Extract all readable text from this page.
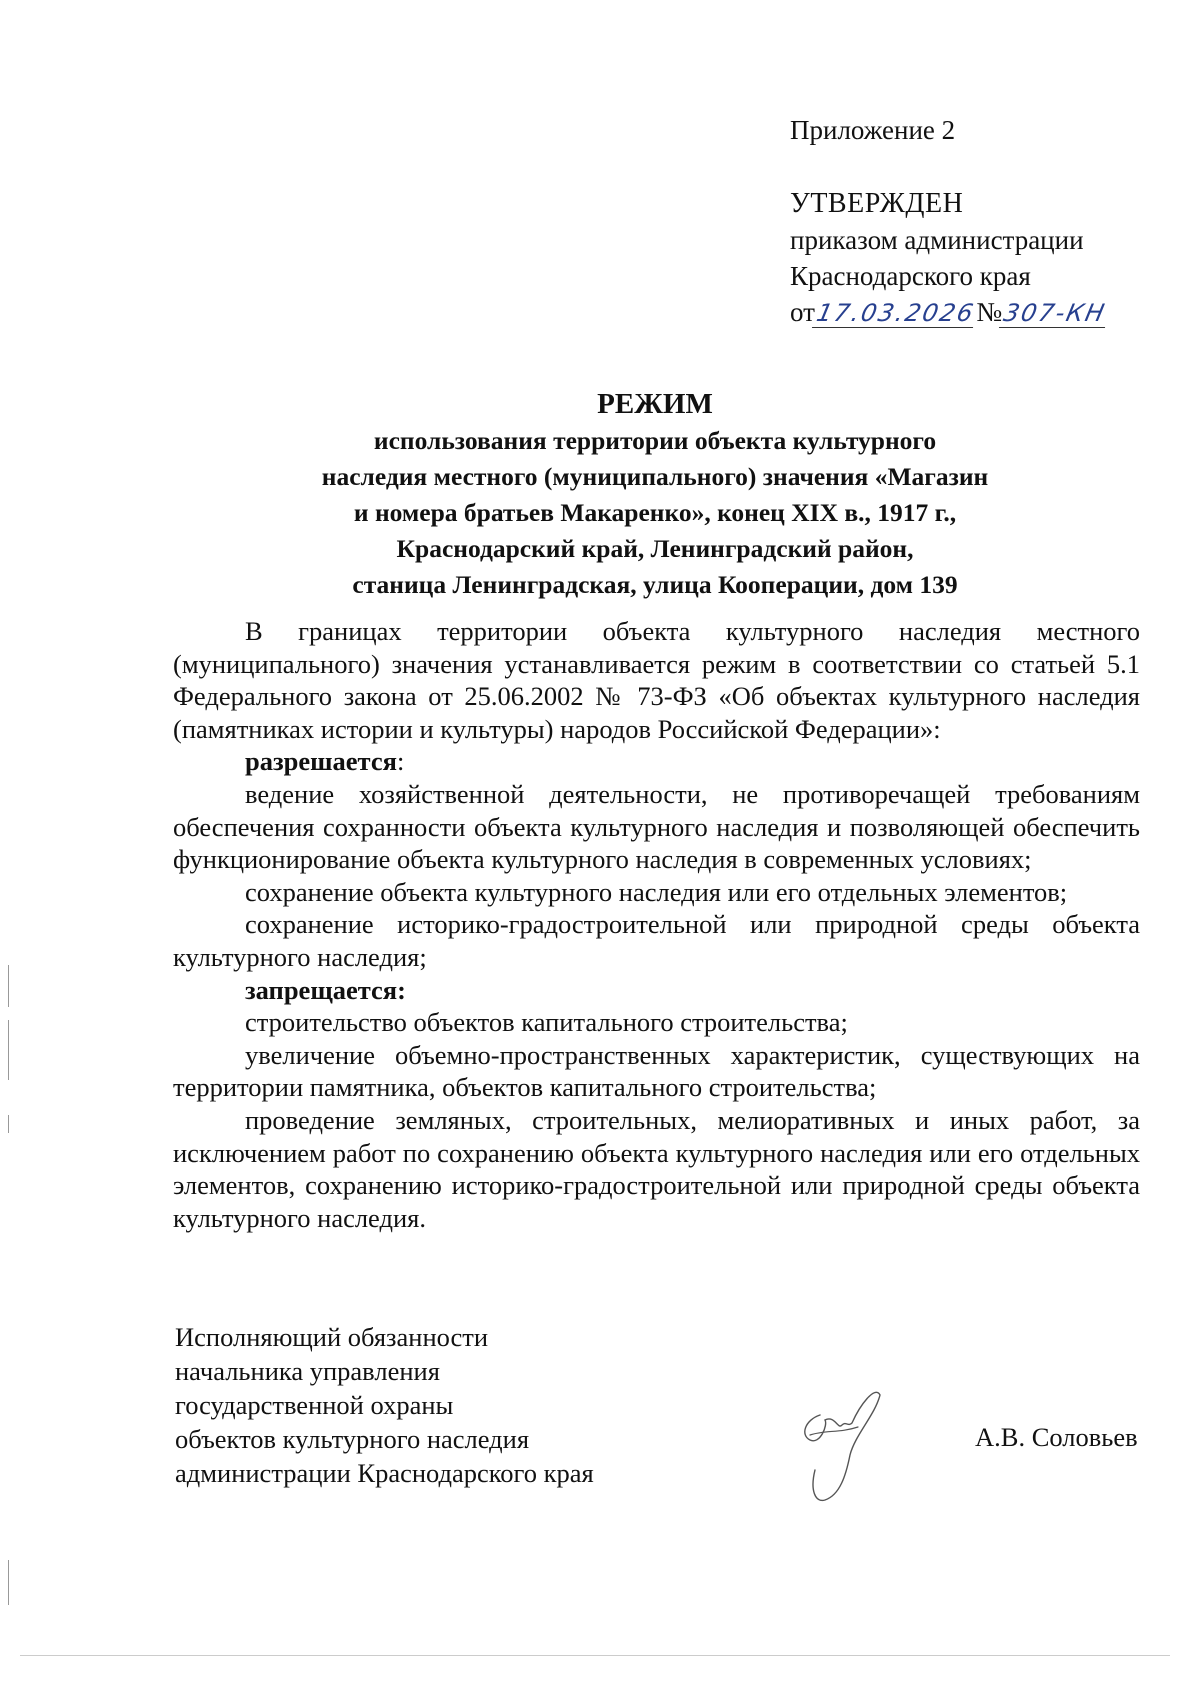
Приложение 2
УТВЕРЖДЕН
приказом администрации
Краснодарского края
от17.03.2026№307-КН
РЕЖИМ
использования территории объекта культурного
наследия местного (муниципального) значения «Магазин
и номера братьев Макаренко», конец XIX в., 1917 г.,
Краснодарский край, Ленинградский район,
станица Ленинградская, улица Кооперации, дом 139

В границах территории объекта культурного наследия местного (муниципального) значения устанавливается режим в соответствии со статьей 5.1 Федерального закона от 25.06.2002 № 73-ФЗ «Об объектах культурного наследия (памятниках истории и культуры) народов Российской Федерации»:

разрешается:

ведение хозяйственной деятельности, не противоречащей требованиям обеспечения сохранности объекта культурного наследия и позволяющей обеспечить функционирование объекта культурного наследия в современных условиях;

сохранение объекта культурного наследия или его отдельных элементов;

сохранение историко-градостроительной или природной среды объекта культурного наследия;

запрещается:

строительство объектов капитального строительства;

увеличение объемно-пространственных характеристик, существующих на территории памятника, объектов капитального строительства;

проведение земляных, строительных, мелиоративных и иных работ, за исключением работ по сохранению объекта культурного наследия или его отдельных элементов, сохранению историко-градостроительной или природной среды объекта культурного наследия.

Исполняющий обязанности
начальника управления
государственной охраны
объектов культурного наследия
администрации Краснодарского края
А.В. Соловьев
